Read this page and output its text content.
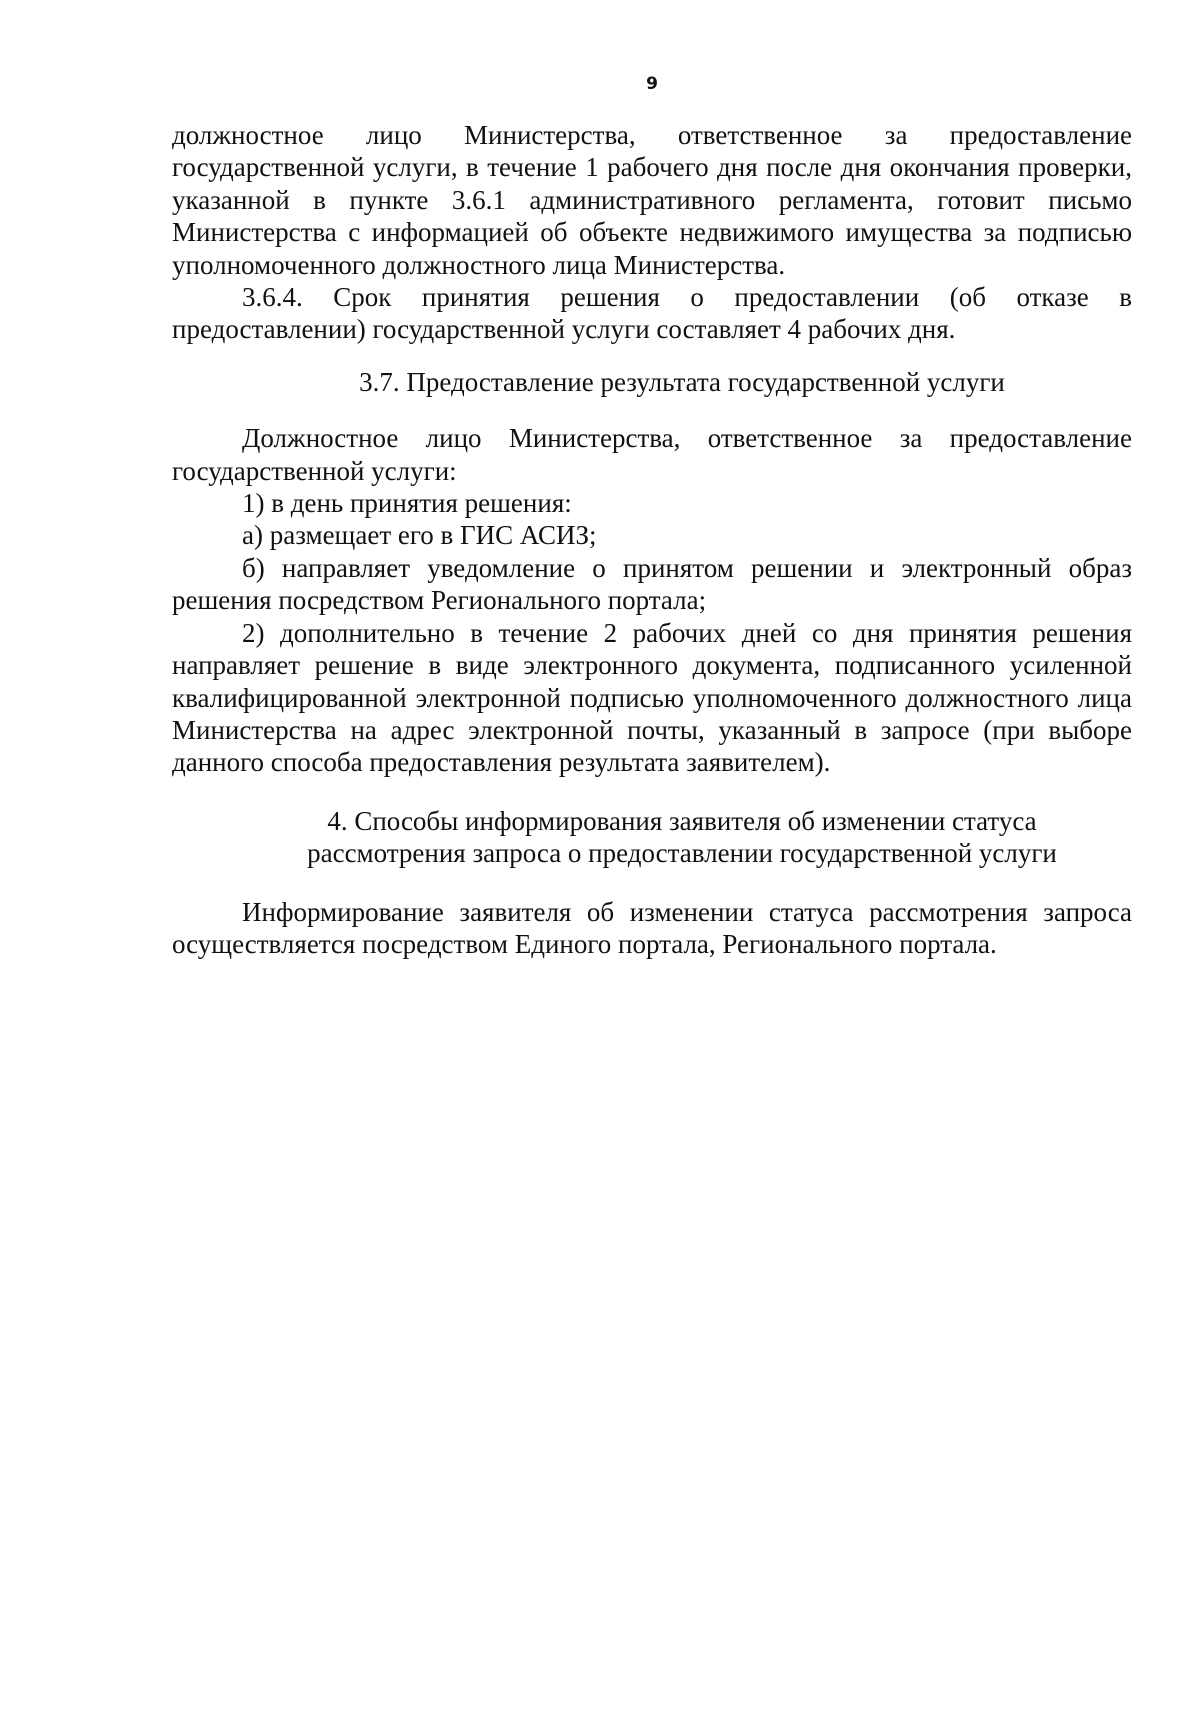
9

должностное лицо Министерства, ответственное за предоставление государственной услуги, в течение 1 рабочего дня после дня окончания проверки, указанной в пункте 3.6.1 административного регламента, готовит письмо Министерства с информацией об объекте недвижимого имущества за подписью уполномоченного должностного лица Министерства.

3.6.4. Срок принятия решения о предоставлении (об отказе в предоставлении) государственной услуги составляет 4 рабочих дня.

3.7. Предоставление результата государственной услуги

Должностное лицо Министерства, ответственное за предоставление государственной услуги:

1) в день принятия решения:

а) размещает его в ГИС АСИЗ;

б) направляет уведомление о принятом решении и электронный образ решения посредством Регионального портала;

2) дополнительно в течение 2 рабочих дней со дня принятия решения направляет решение в виде электронного документа, подписанного усиленной квалифицированной электронной подписью уполномоченного должностного лица Министерства на адрес электронной почты, указанный в запросе (при выборе данного способа предоставления результата заявителем).

4. Способы информирования заявителя об изменении статуса
рассмотрения запроса о предоставлении государственной услуги

Информирование заявителя об изменении статуса рассмотрения запроса осуществляется посредством Единого портала, Регионального портала.
